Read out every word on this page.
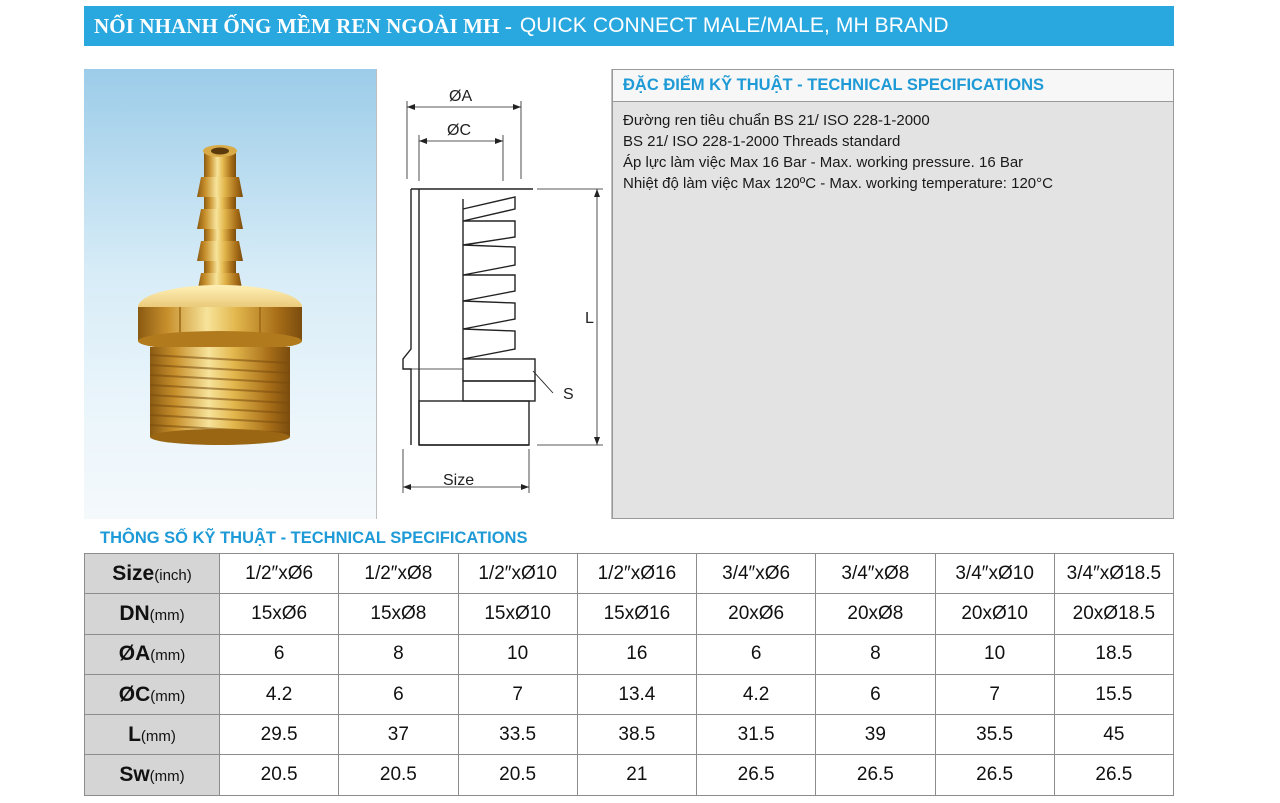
NỐI NHANH ỐNG MỀM REN NGOÀI MH -
QUICK CONNECT MALE/MALE, MH BRAND
ØA
ØC
S
L
Size
ĐẶC ĐIỂM KỸ THUẬT - TECHNICAL SPECIFICATIONS
Đường ren tiêu chuẩn BS 21/ ISO 228-1-2000
BS 21/ ISO 228-1-2000 Threads standard
Áp lực làm việc Max 16 Bar - Max. working pressure. 16 Bar
Nhiệt độ làm việc Max 120ºC - Max. working temperature: 120°C
THÔNG SỐ KỸ THUẬT - TECHNICAL SPECIFICATIONS
Size(inch)	1/2″xØ6	1/2″xØ8	1/2″xØ10	1/2″xØ16	3/4″xØ6	3/4″xØ8	3/4″xØ10	3/4″xØ18.5
DN(mm)	15xØ6	15xØ8	15xØ10	15xØ16	20xØ6	20xØ8	20xØ10	20xØ18.5
ØA(mm)	6	8	10	16	6	8	10	18.5
ØC(mm)	4.2	6	7	13.4	4.2	6	7	15.5
L(mm)	29.5	37	33.5	38.5	31.5	39	35.5	45
Sw(mm)	20.5	20.5	20.5	21	26.5	26.5	26.5	26.5
